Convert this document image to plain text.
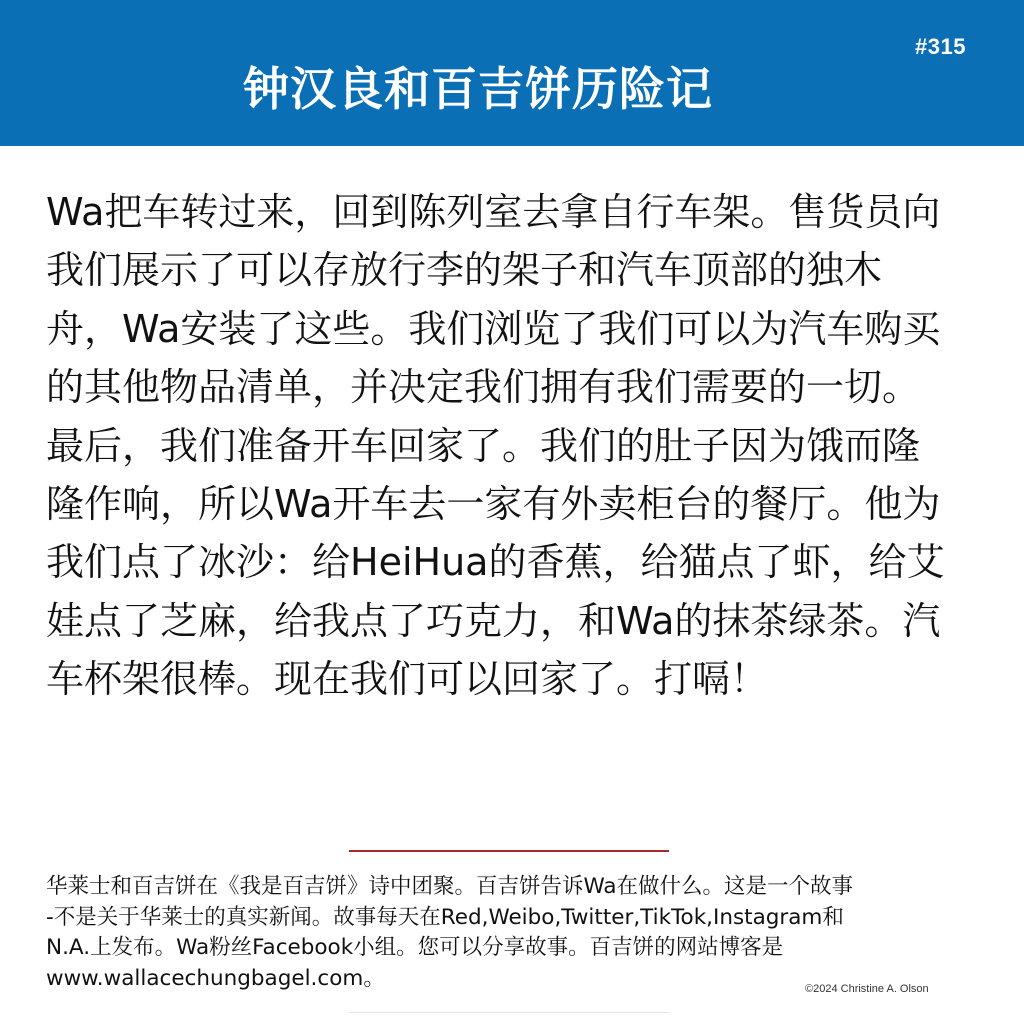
#315
钟汉良和百吉饼历险记
Wa把车转过来，回到陈列室去拿自行车架。售货员向
我们展示了可以存放行李的架子和汽车顶部的独木
舟，Wa安装了这些。我们浏览了我们可以为汽车购买
的其他物品清单，并决定我们拥有我们需要的一切。
最后，我们准备开车回家了。我们的肚子因为饿而隆
隆作响，所以Wa开车去一家有外卖柜台的餐厅。他为
我们点了冰沙：给HeiHua的香蕉，给猫点了虾，给艾
娃点了芝麻，给我点了巧克力，和Wa的抹茶绿茶。汽
车杯架很棒。现在我们可以回家了。打嗝！
华莱士和百吉饼在《我是百吉饼》诗中团聚。百吉饼告诉Wa在做什么。这是一个故事
-不是关于华莱士的真实新闻。故事每天在Red,Weibo,Twitter,TikTok,Instagram和
N.A.上发布。Wa粉丝Facebook小组。您可以分享故事。百吉饼的网站博客是
www.wallacechungbagel.com。	©2024 Christine A. Olson
